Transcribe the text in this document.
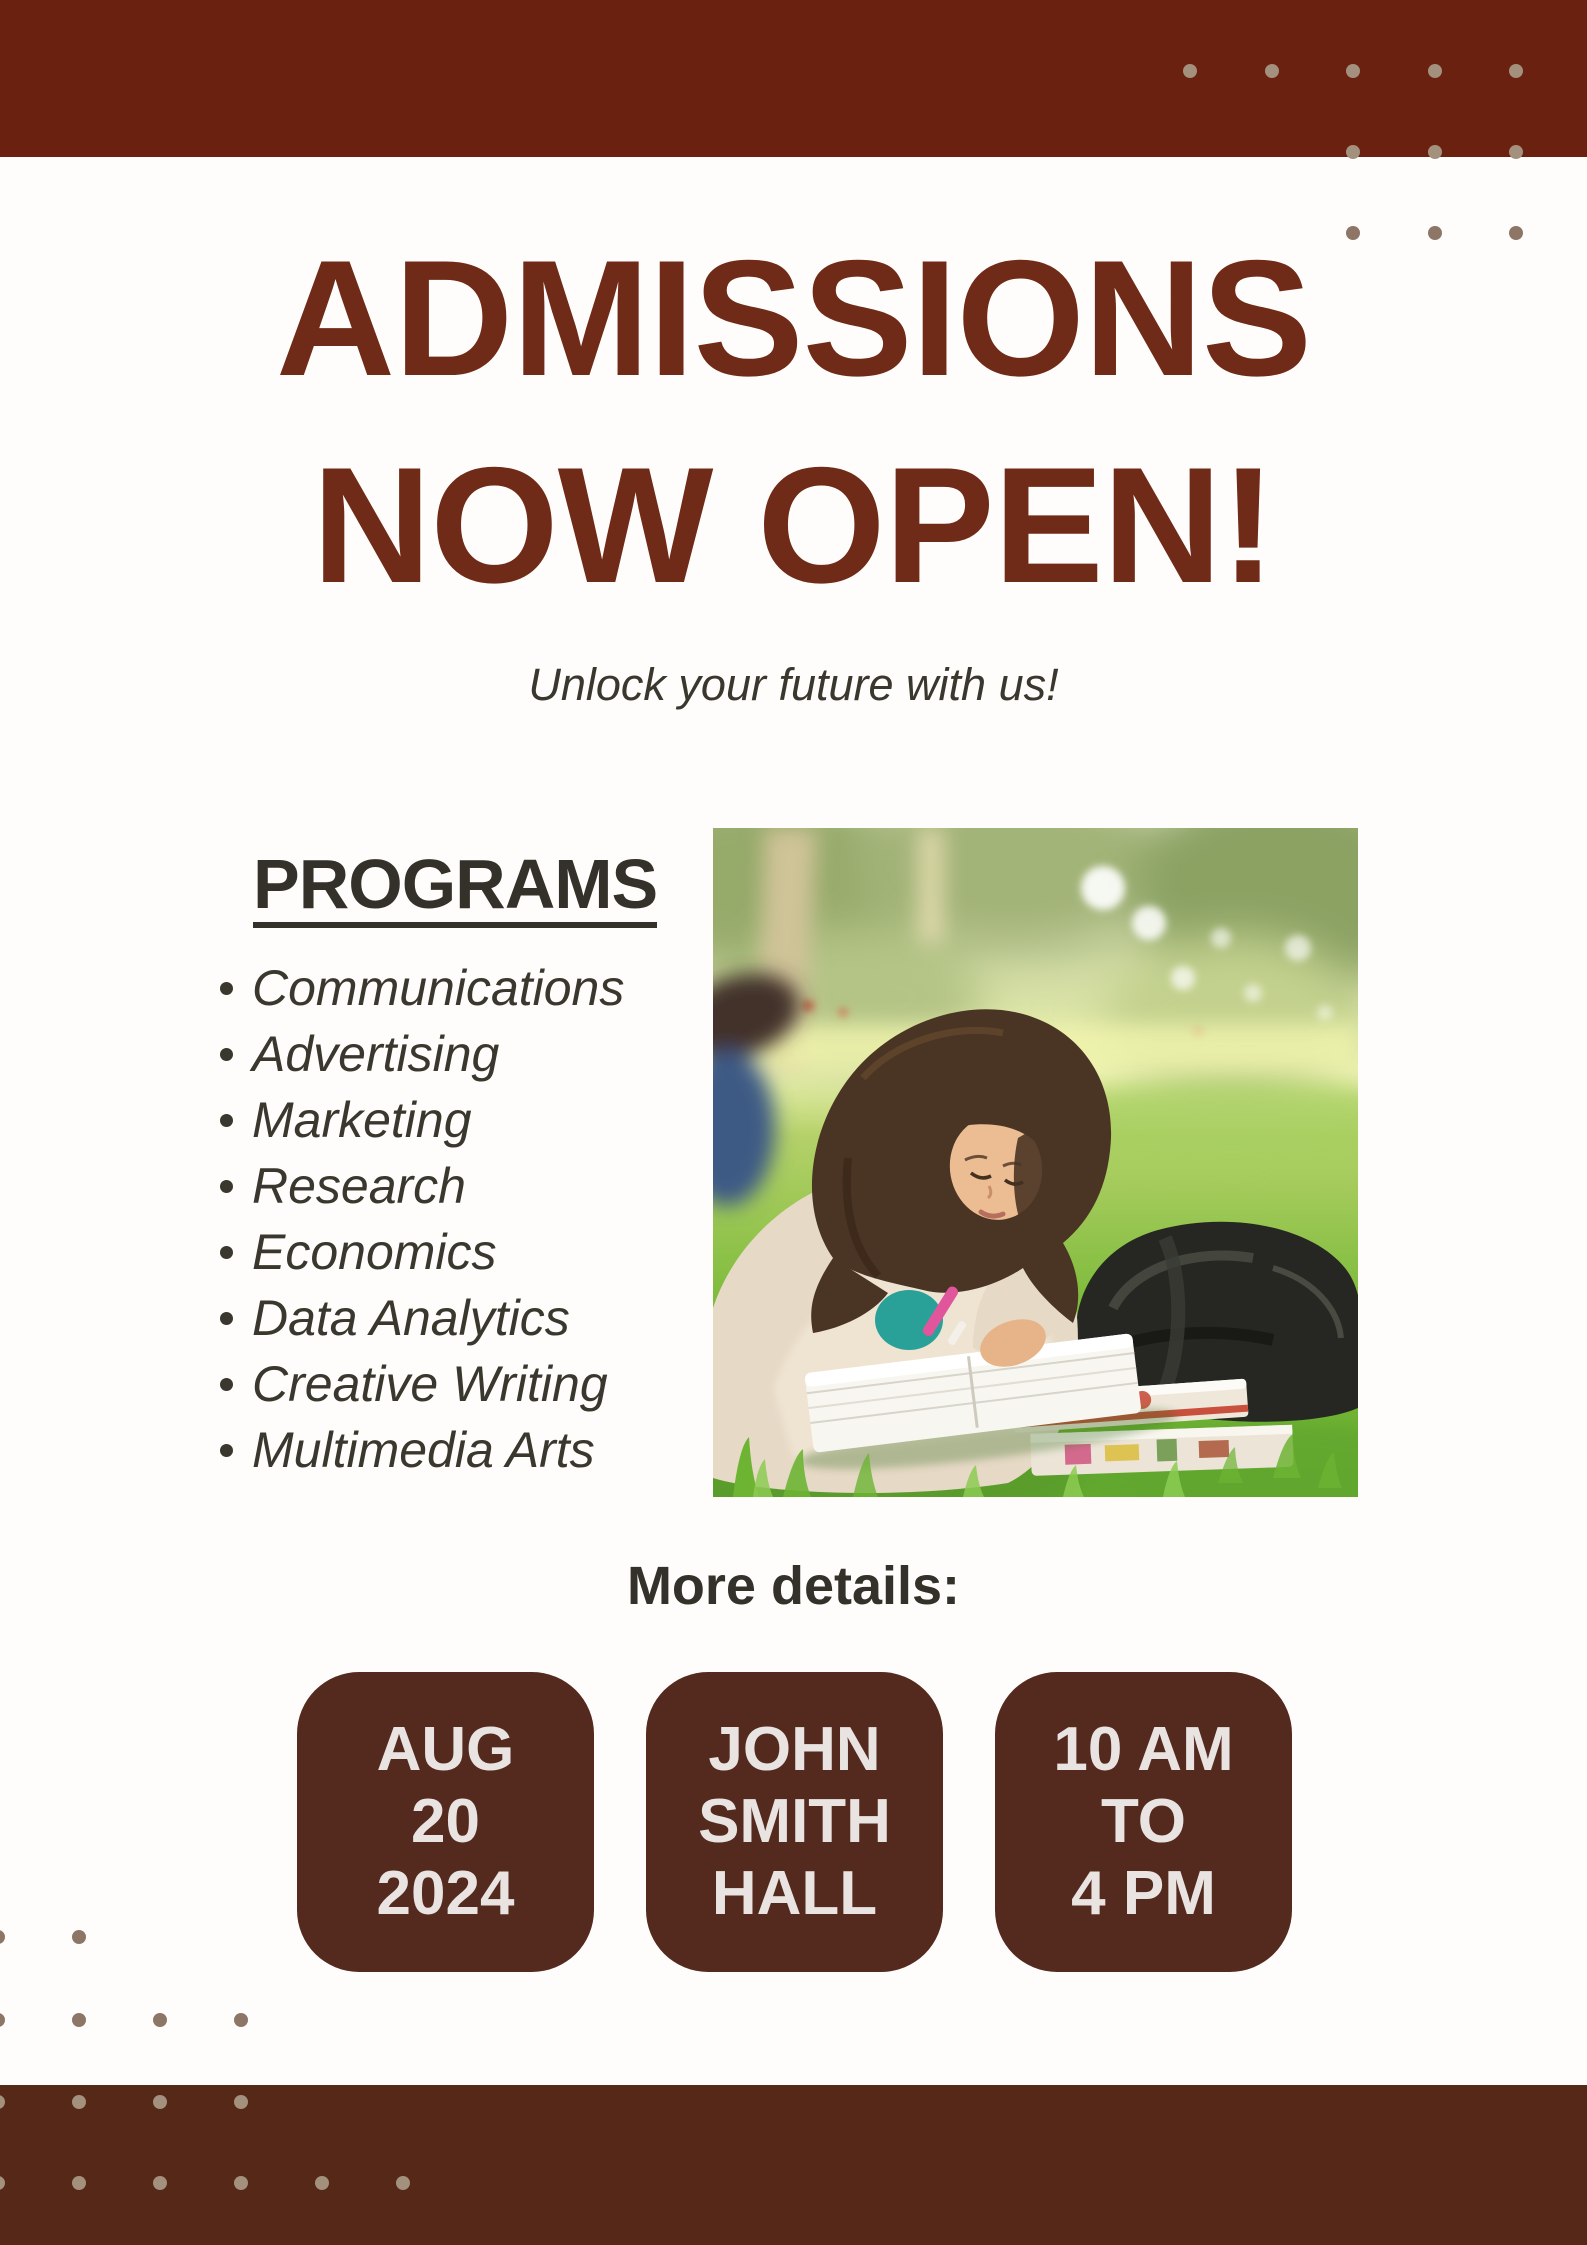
ADMISSIONS
NOW OPEN!

Unlock your future with us!

PROGRAMS
Communications
Advertising
Marketing
Research
Economics
Data Analytics
Creative Writing
Multimedia Arts
More details:
AUG
20
2024
JOHN
SMITH
HALL
10 AM
TO
4 PM
